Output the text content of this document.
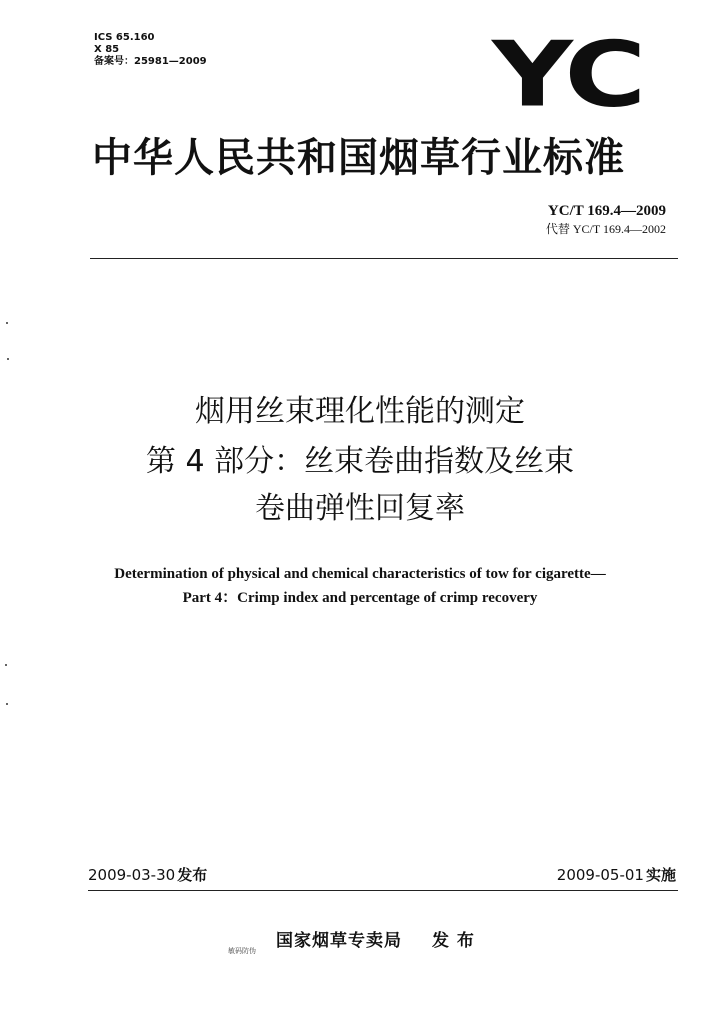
ICS 65.160
X 85
备案号：25981—2009	YC
中华人民共和国烟草行业标准
YC/T 169.4—2009
代替 YC/T 169.4—2002
烟用丝束理化性能的测定
第 4 部分：丝束卷曲指数及丝束
卷曲弹性回复率
Determination of physical and chemical characteristics of tow for cigarette—
Part 4：Crimp index and percentage of crimp recovery
2009-03-30 发布	2009-05-01 实施
国家烟草专卖局 发 布
敏码防伪
